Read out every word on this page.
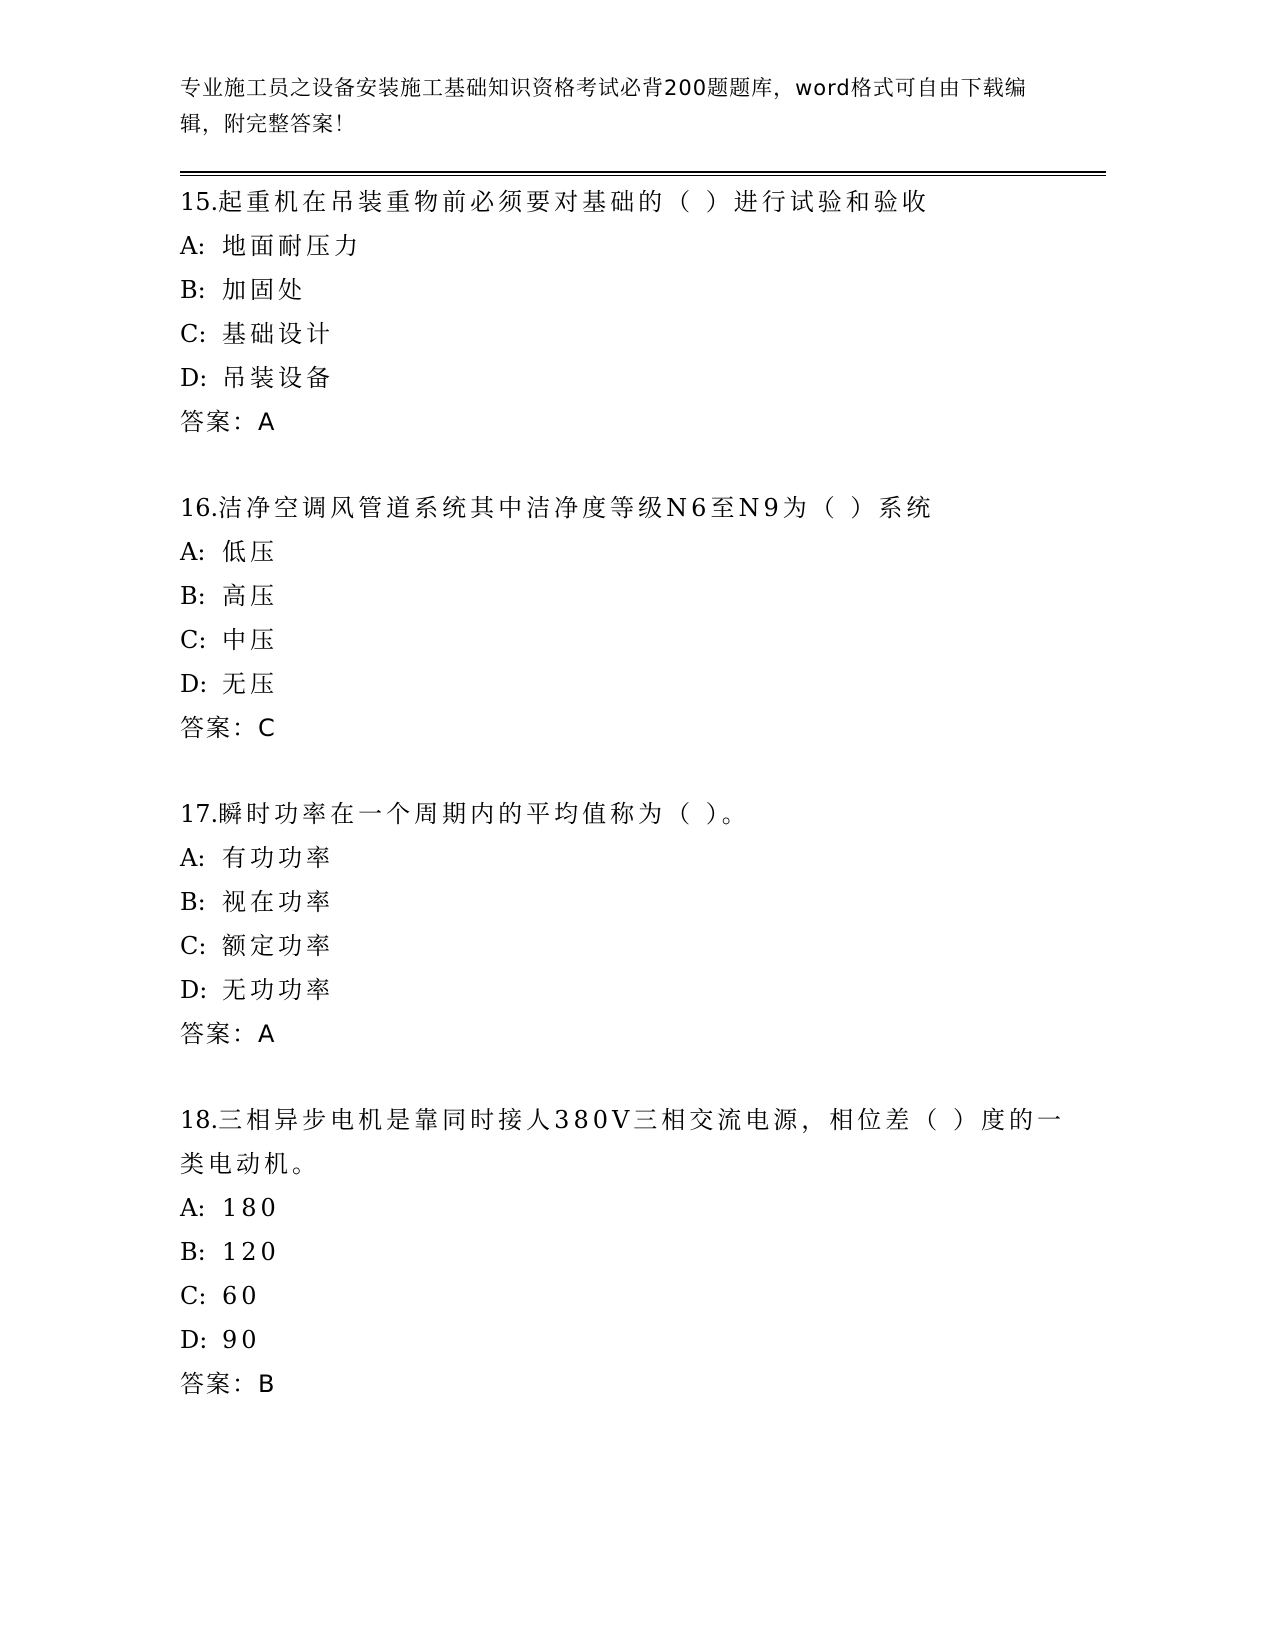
专业施工员之设备安装施工基础知识资格考试必背200题题库，word格式可自由下载编辑，附完整答案！
15.起重机在吊装重物前必须要对基础的（ ）进行试验和验收
A: 地面耐压力
B: 加固处
C: 基础设计
D: 吊装设备
答案：A
16.洁净空调风管道系统其中洁净度等级N6至N9为（ ）系统
A: 低压
B: 高压
C: 中压
D: 无压
答案：C
17.瞬时功率在一个周期内的平均值称为（ ）。
A: 有功功率
B: 视在功率
C: 额定功率
D: 无功功率
答案：A
18.三相异步电机是靠同时接人380V三相交流电源，相位差（ ）度的一类电动机。
A: 180
B: 120
C: 60
D: 90
答案：B
